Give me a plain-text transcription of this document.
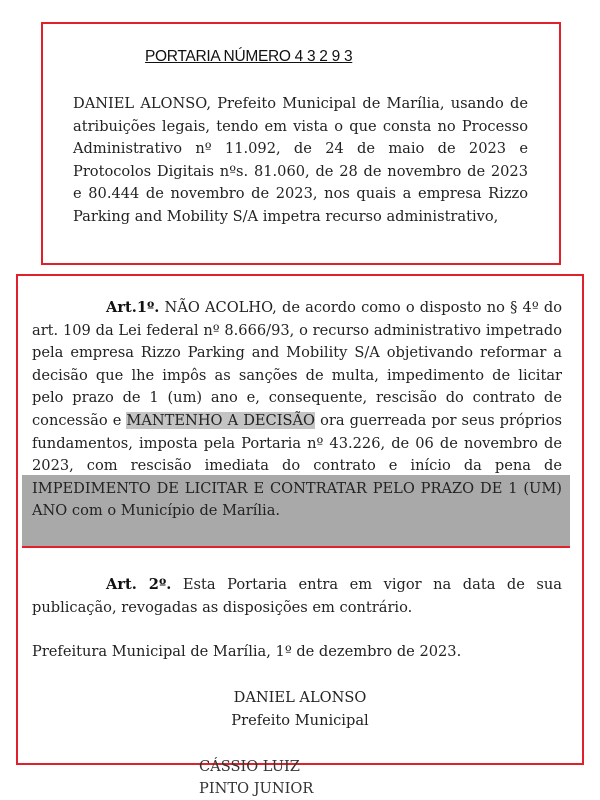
PORTARIA NÚMERO 4 3 2 9 3
DANIEL ALONSO, Prefeito Municipal de Marília, usando de atribuições legais, tendo em vista o que consta no Processo Administrativo nº 11.092, de 24 de maio de 2023 e Protocolos Digitais nºs. 81.060, de 28 de novembro de 2023 e 80.444 de novembro de 2023, nos quais a empresa Rizzo Parking and Mobility S/A impetra recurso administrativo,
Art.1º. NÃO ACOLHO, de acordo como o disposto no § 4º do art. 109 da Lei federal nº 8.666/93, o recurso administrativo impetrado pela empresa Rizzo Parking and Mobility S/A objetivando reformar a decisão que lhe impôs as sanções de multa, impedimento de licitar pelo prazo de 1 (um) ano e, consequente, rescisão do contrato de concessão e MANTENHO A DECISÃO ora guerreada por seus próprios fundamentos, imposta pela Portaria nº 43.226, de 06 de novembro de 2023, com rescisão imediata do contrato e início da pena de IMPEDIMENTO DE LICITAR E CONTRATAR PELO PRAZO DE 1 (UM) ANO com o Município de Marília.
Art. 2º. Esta Portaria entra em vigor na data de sua publicação, revogadas as disposições em contrário.
Prefeitura Municipal de Marília, 1º de dezembro de 2023.
DANIEL ALONSO
Prefeito Municipal
CÁSSIO LUIZ PINTO JUNIOR
